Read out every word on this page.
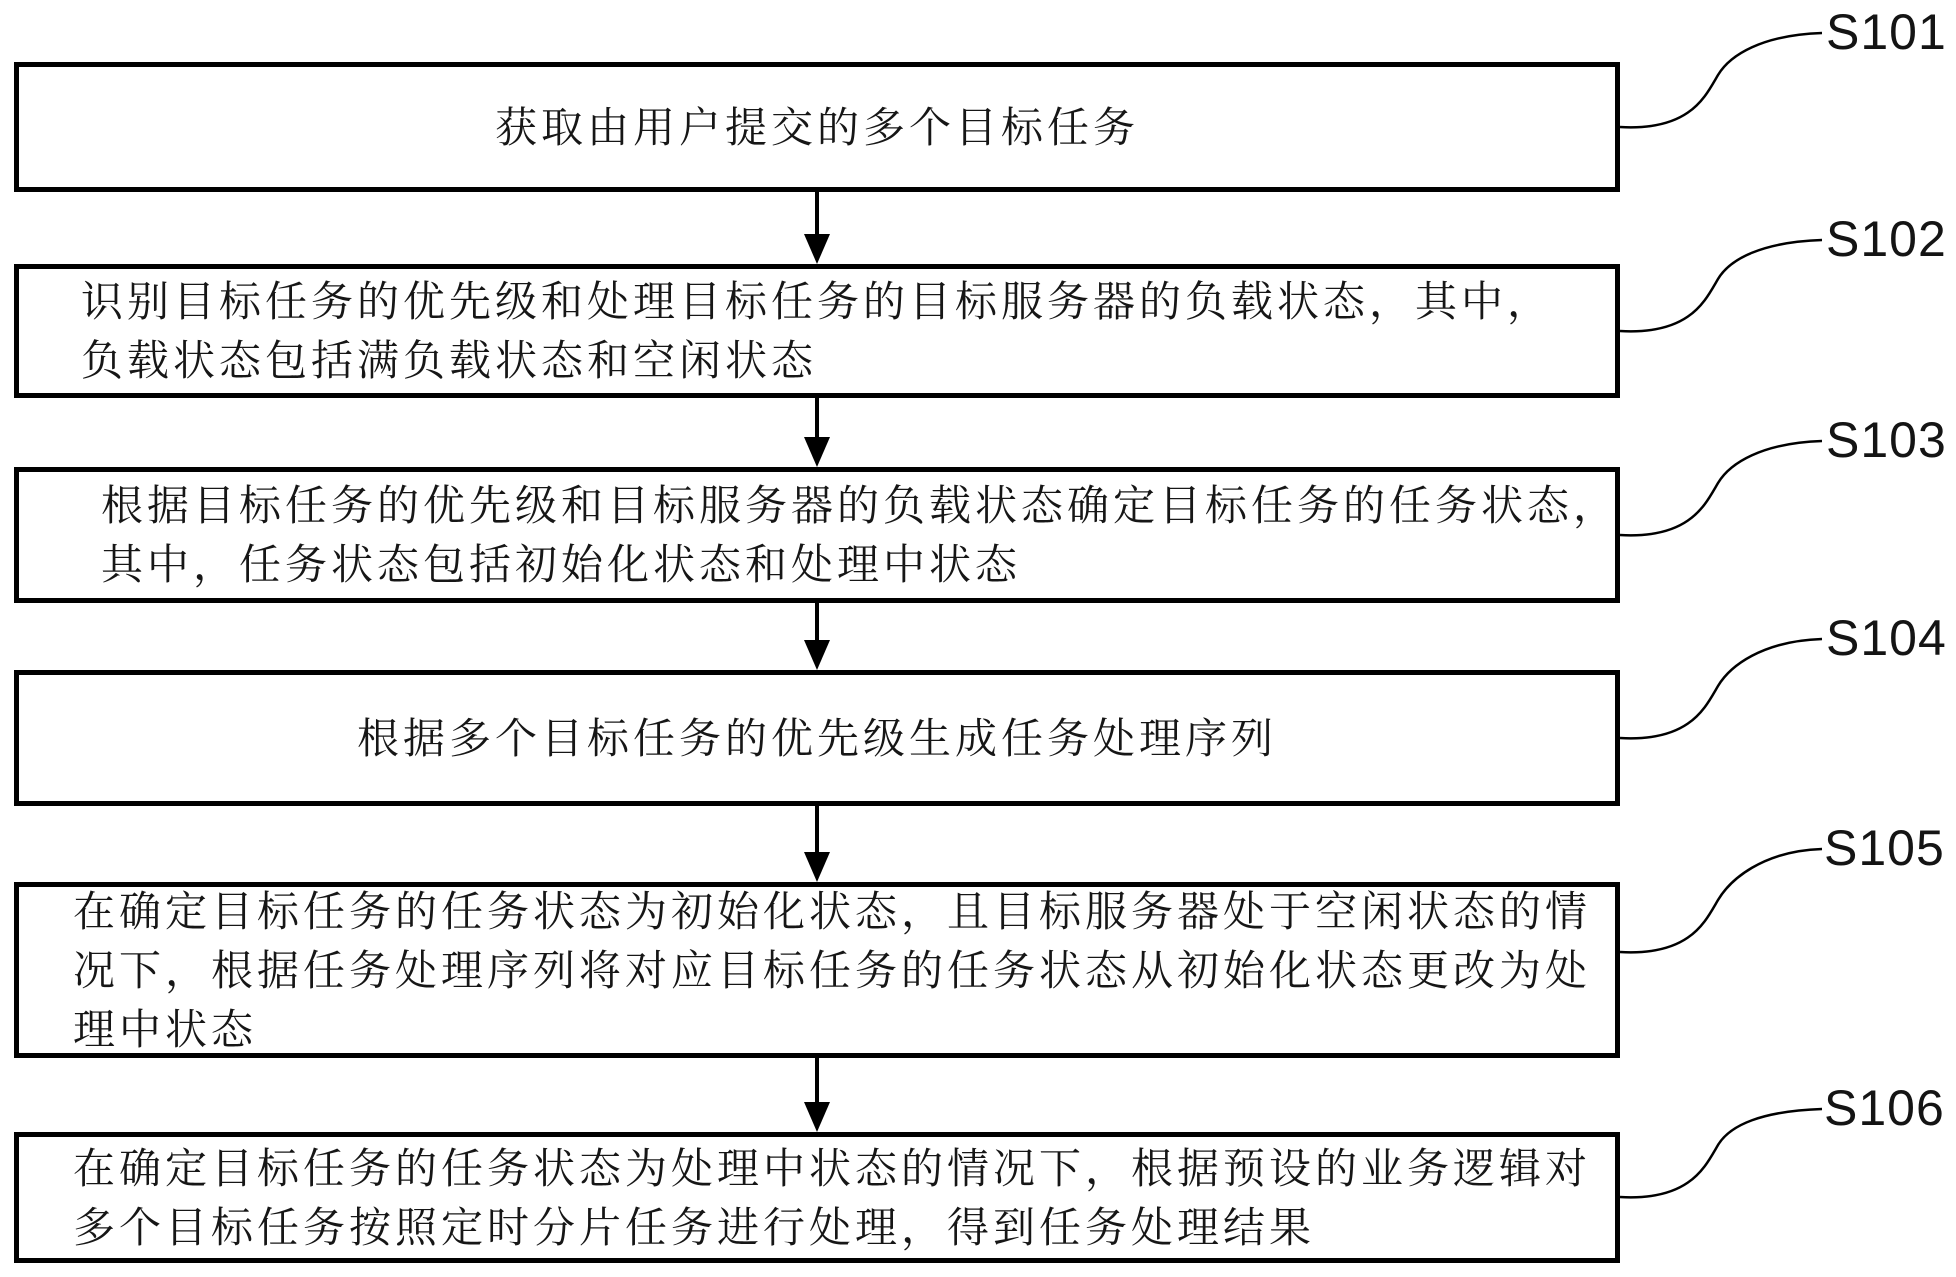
获取由用户提交的多个目标任务
识别目标任务的优先级和处理目标任务的目标服务器的负载状态，其中，
负载状态包括满负载状态和空闲状态
根据目标任务的优先级和目标服务器的负载状态确定目标任务的任务状态，
其中，任务状态包括初始化状态和处理中状态
根据多个目标任务的优先级生成任务处理序列
在确定目标任务的任务状态为初始化状态，且目标服务器处于空闲状态的情
况下，根据任务处理序列将对应目标任务的任务状态从初始化状态更改为处
理中状态
在确定目标任务的任务状态为处理中状态的情况下，根据预设的业务逻辑对
多个目标任务按照定时分片任务进行处理，得到任务处理结果
S101
S102
S103
S104
S105
S106
